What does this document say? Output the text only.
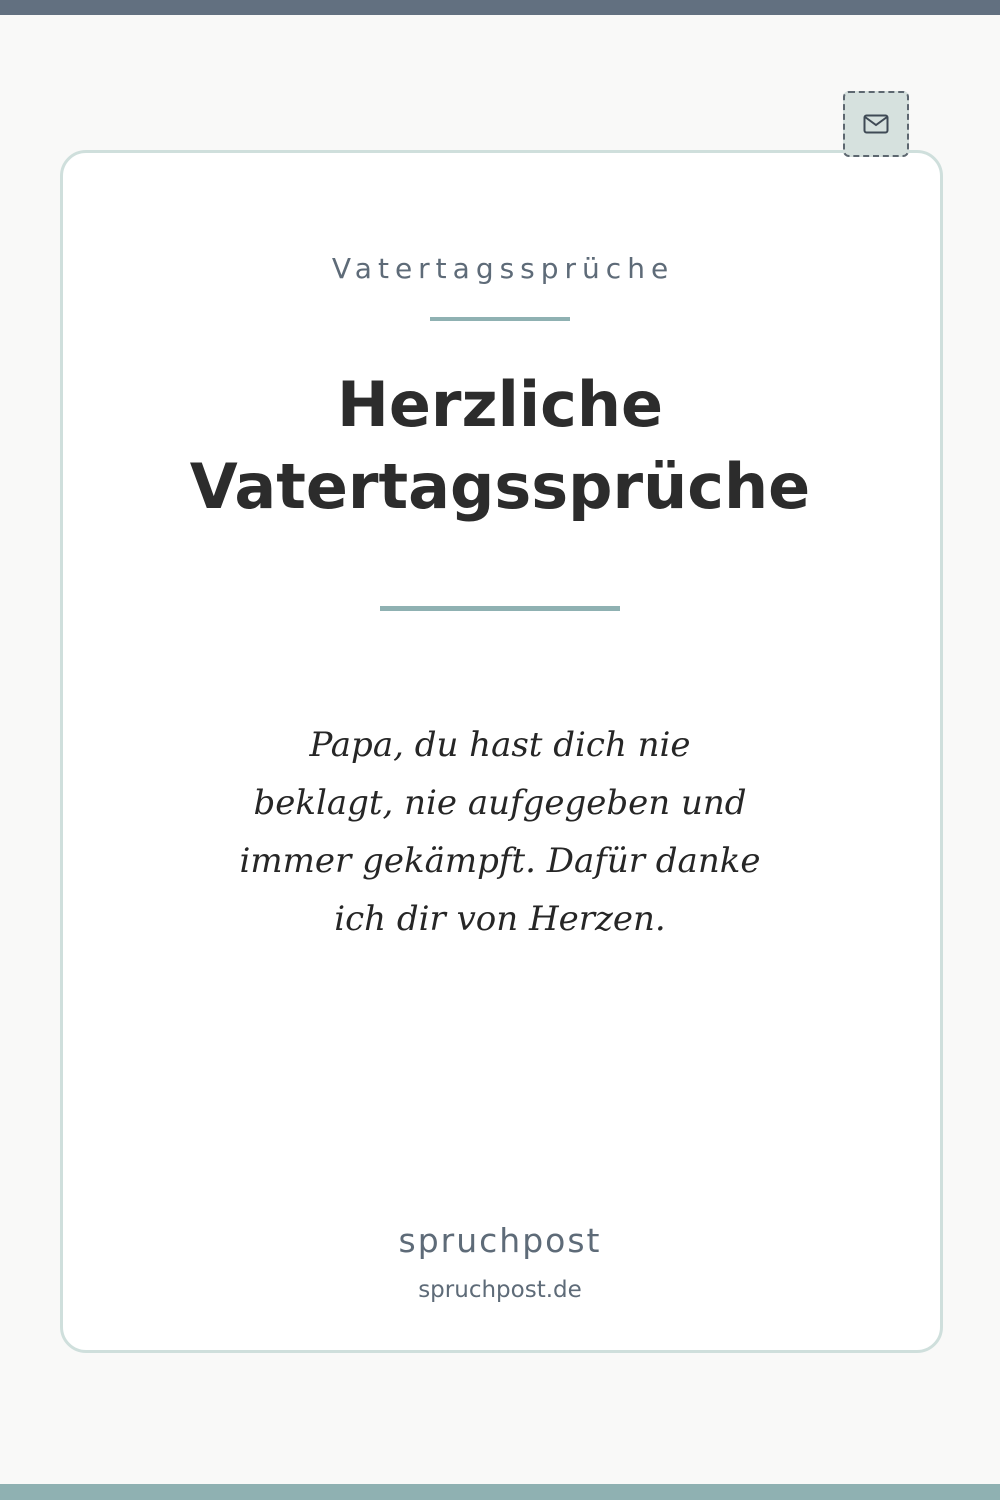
Vatertagssprüche
Herzliche
Vatertagssprüche
Papa, du hast dich nie
beklagt, nie aufgegeben und
immer gekämpft. Dafür danke
ich dir von Herzen.
spruchpost
spruchpost.de
